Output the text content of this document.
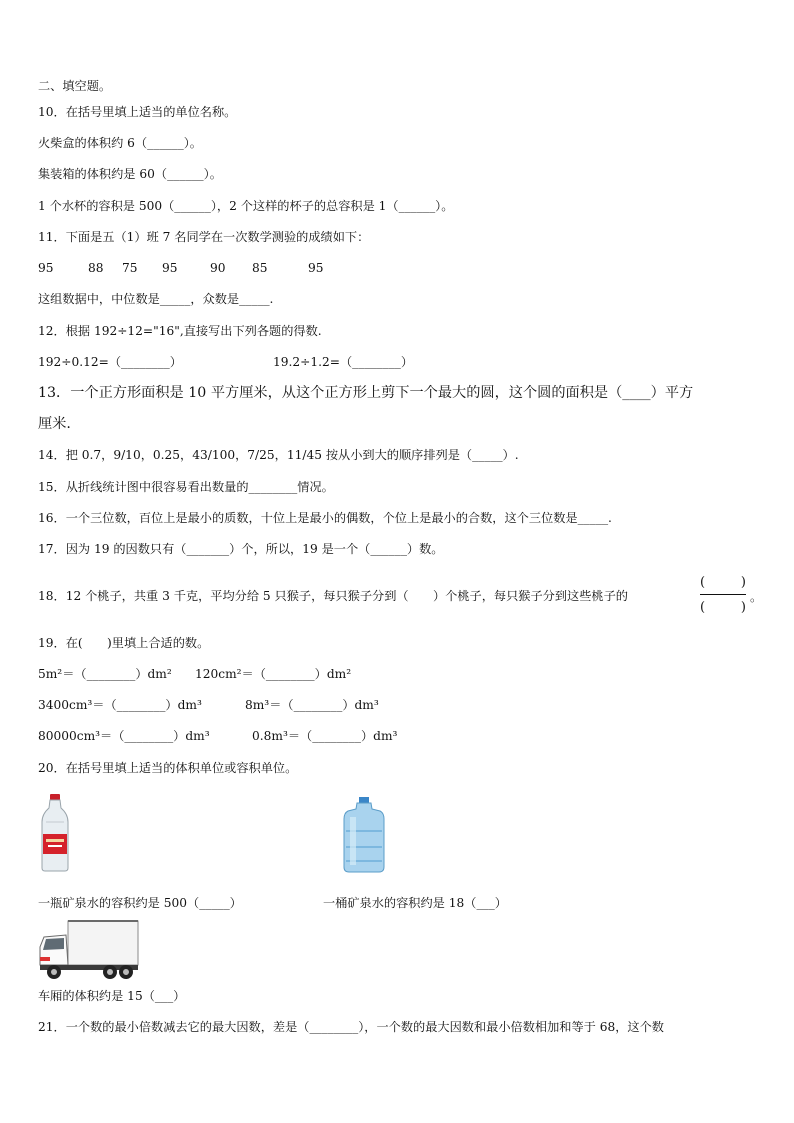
二、填空题。

10．在括号里填上适当的单位名称。

火柴盒的体积约 6（______）。

集装箱的体积约是 60（______）。

1 个水杯的容积是 500（______），2 个这样的杯子的总容积是 1（______）。

11．下面是五（1）班 7 名同学在一次数学测验的成绩如下：

95	88 75 95	90 85	95

这组数据中，中位数是_____，众数是_____.

12．根据 192÷12="16",直接写出下列各题的得数.

192÷0.12=（________）	19.2÷1.2=（________）

13．一个正方形面积是 10 平方厘米，从这个正方形上剪下一个最大的圆，这个圆的面积是（____）平方

厘米.

14．把 0.7，9/10，0.25，43/100，7/25，11/45 按从小到大的顺序排列是（_____）.

15．从折线统计图中很容易看出数量的________情况。

16．一个三位数，百位上是最小的质数，十位上是最小的偶数，个位上是最小的合数，这个三位数是_____.

17．因为 19 的因数只有（_______）个，所以，19 是一个（______）数。

18．12 个桃子，共重 3 千克，平均分给 5 只猴子，每只猴子分到（　　）个桃子，每只猴子分到这些桃子的

(	)
(	)
。

19．在(　　)里填上合适的数。

5m²＝（________）dm² 120cm²＝（________）dm²

3400cm³＝（________）dm³	8m³＝（________）dm³

80000cm³＝（________）dm³	0.8m³＝（________）dm³

20．在括号里填上适当的体积单位或容积单位。

一瓶矿泉水的容积约是 500（_____）	一桶矿泉水的容积约是 18（___）

车厢的体积约是 15（___）

21．一个数的最小倍数减去它的最大因数，差是（________），一个数的最大因数和最小倍数相加和等于 68，这个数
